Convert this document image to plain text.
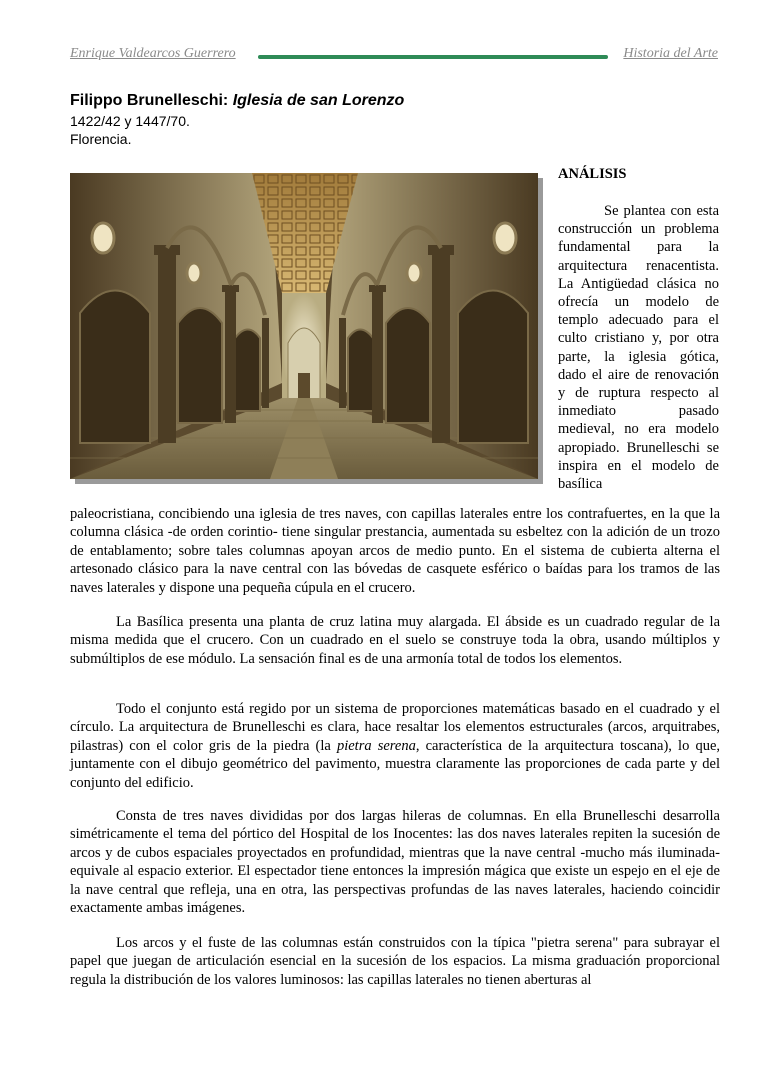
Enrique Valdearcos Guerrero	Historia del Arte
Filippo Brunelleschi: Iglesia de san Lorenzo
1422/42 y 1447/70.
Florencia.
ANÁLISIS

Se plantea con esta construcción un problema fundamental para la arquitectura renacentista. La Antigüedad clásica no ofrecía un modelo de templo adecuado para el culto cristiano y, por otra parte, la iglesia gótica, dado el aire de renovación y de ruptura respecto al inmediato pasado medieval, no era modelo apropiado. Brunelleschi se inspira en el modelo de basílica

paleocristiana, concibiendo una iglesia de tres naves, con capillas laterales entre los contrafuertes, en la que la columna clásica -de orden corintio- tiene singular prestancia, aumentada su esbeltez con la adición de un trozo de entablamento; sobre tales columnas apoyan arcos de medio punto. En el sistema de cubierta alterna el artesonado clásico para la nave central con las bóvedas de casquete esférico o baídas para los tramos de las naves laterales y dispone una pequeña cúpula en el crucero.

La Basílica presenta una planta de cruz latina muy alargada. El ábside es un cuadrado regular de la misma medida que el crucero. Con un cuadrado en el suelo se construye toda la obra, usando múltiplos y submúltiplos de ese módulo. La sensación final es de una armonía total de todos los elementos.

Todo el conjunto está regido por un sistema de proporciones matemáticas basado en el cuadrado y el círculo. La arquitectura de Brunelleschi es clara, hace resaltar los elementos estructurales (arcos, arquitrabes, pilastras) con el color gris de la piedra (la pietra serena, característica de la arquitectura toscana), lo que, juntamente con el dibujo geométrico del pavimento, muestra claramente las proporciones de cada parte y del conjunto del edificio.

Consta de tres naves divididas por dos largas hileras de columnas. En ella Brunelleschi desarrolla simétricamente el tema del pórtico del Hospital de los Inocentes: las dos naves laterales repiten la sucesión de arcos y de cubos espaciales proyectados en profundidad, mientras que la nave central -mucho más iluminada- equivale al espacio exterior. El espectador tiene entonces la impresión mágica que existe un espejo en el eje de la nave central que refleja, una en otra, las perspectivas profundas de las naves laterales, haciendo coincidir exactamente ambas imágenes.

Los arcos y el fuste de las columnas están construidos con la típica "pietra serena" para subrayar el papel que juegan de articulación esencial en la sucesión de los espacios. La misma graduación proporcional regula la distribución de los valores luminosos: las capillas laterales no tienen aberturas al
